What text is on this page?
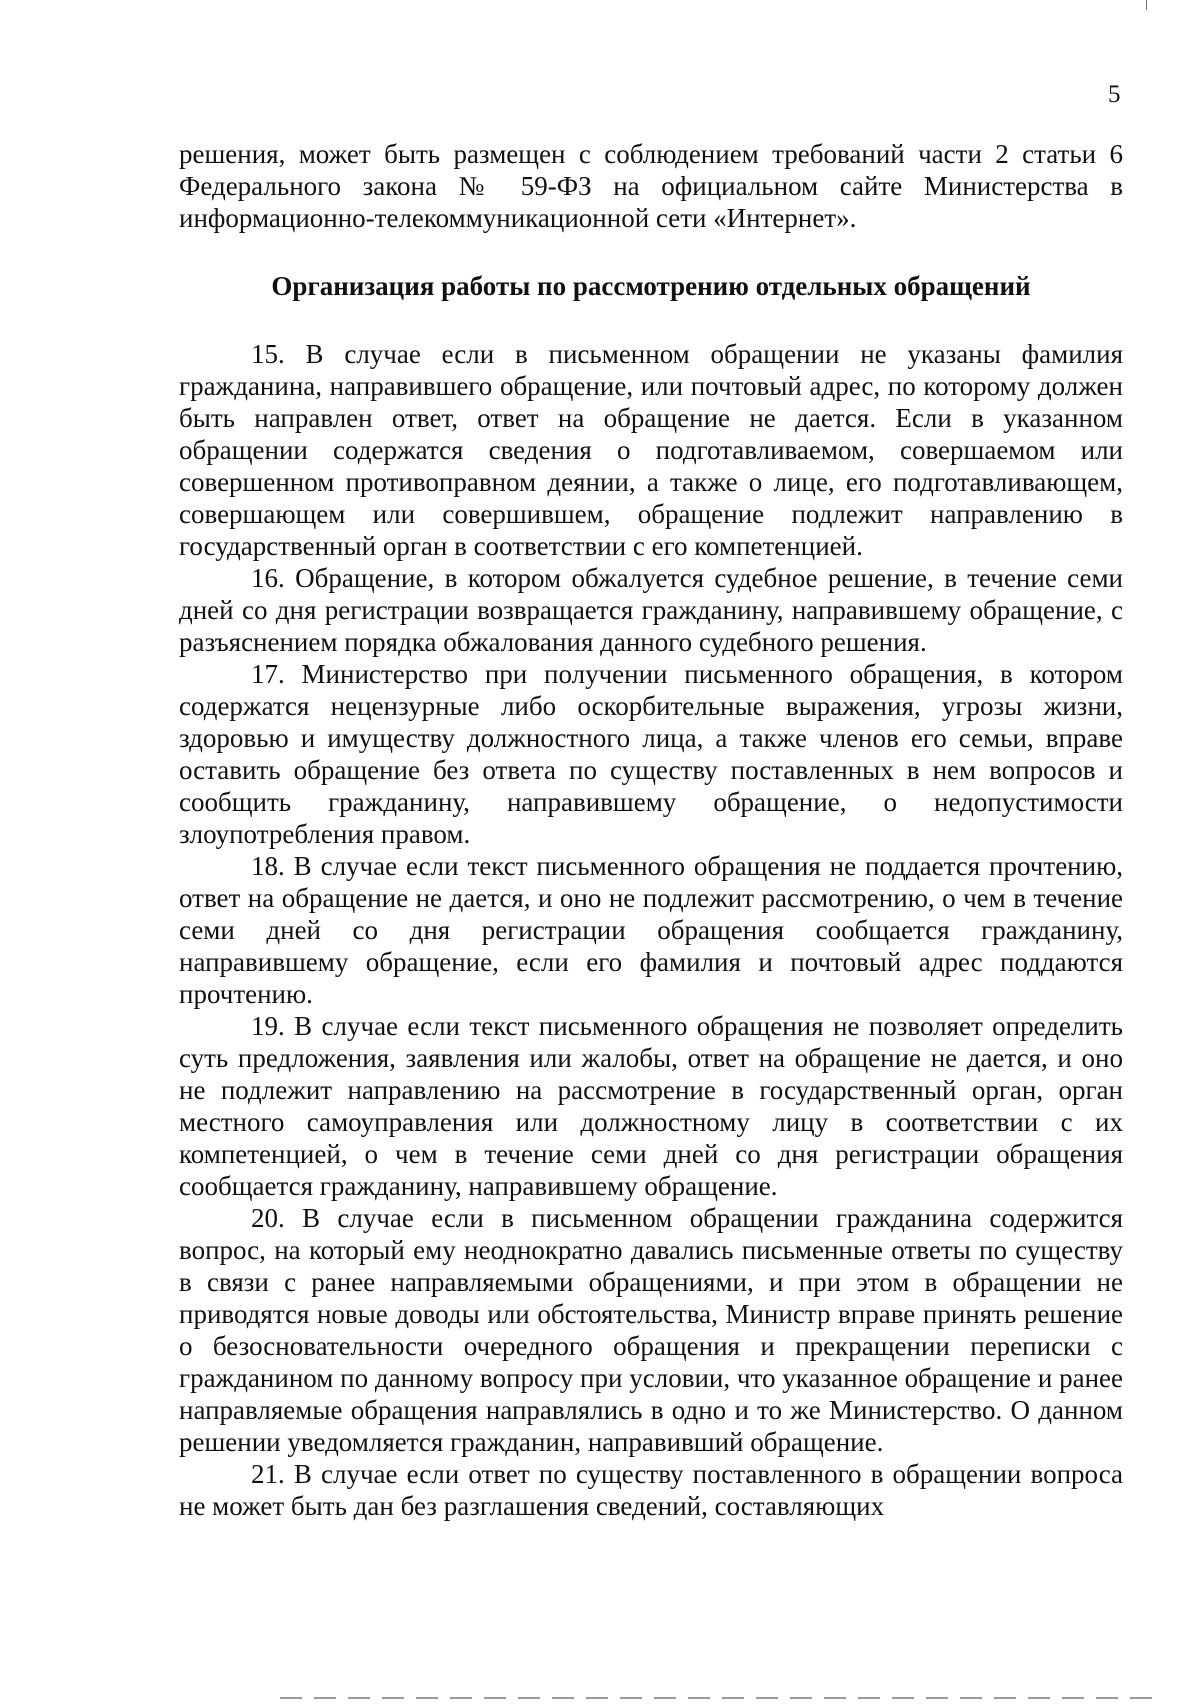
5

решения, может быть размещен с соблюдением требований части 2 статьи 6 Федерального закона № 59-ФЗ на официальном сайте Министерства в информационно-телекоммуникационной сети «Интернет».

Организация работы по рассмотрению отдельных обращений

15. В случае если в письменном обращении не указаны фамилия гражданина, направившего обращение, или почтовый адрес, по которому должен быть направлен ответ, ответ на обращение не дается. Если в указанном обращении содержатся сведения о подготавливаемом, совершаемом или совершенном противоправном деянии, а также о лице, его подготавливающем, совершающем или совершившем, обращение подлежит направлению в государственный орган в соответствии с его компетенцией.

16. Обращение, в котором обжалуется судебное решение, в течение семи дней со дня регистрации возвращается гражданину, направившему обращение, с разъяснением порядка обжалования данного судебного решения.

17. Министерство при получении письменного обращения, в котором содержатся нецензурные либо оскорбительные выражения, угрозы жизни, здоровью и имуществу должностного лица, а также членов его семьи, вправе оставить обращение без ответа по существу поставленных в нем вопросов и сообщить гражданину, направившему обращение, о недопустимости злоупотребления правом.

18. В случае если текст письменного обращения не поддается прочтению, ответ на обращение не дается, и оно не подлежит рассмотрению, о чем в течение семи дней со дня регистрации обращения сообщается гражданину, направившему обращение, если его фамилия и почтовый адрес поддаются прочтению.

19. В случае если текст письменного обращения не позволяет определить суть предложения, заявления или жалобы, ответ на обращение не дается, и оно не подлежит направлению на рассмотрение в государственный орган, орган местного самоуправления или должностному лицу в соответствии с их компетенцией, о чем в течение семи дней со дня регистрации обращения сообщается гражданину, направившему обращение.

20. В случае если в письменном обращении гражданина содержится вопрос, на который ему неоднократно давались письменные ответы по существу в связи с ранее направляемыми обращениями, и при этом в обращении не приводятся новые доводы или обстоятельства, Министр вправе принять решение о безосновательности очередного обращения и прекращении переписки с гражданином по данному вопросу при условии, что указанное обращение и ранее направляемые обращения направлялись в одно и то же Министерство. О данном решении уведомляется гражданин, направивший обращение.

21. В случае если ответ по существу поставленного в обращении вопроса не может быть дан без разглашения сведений, составляющих
